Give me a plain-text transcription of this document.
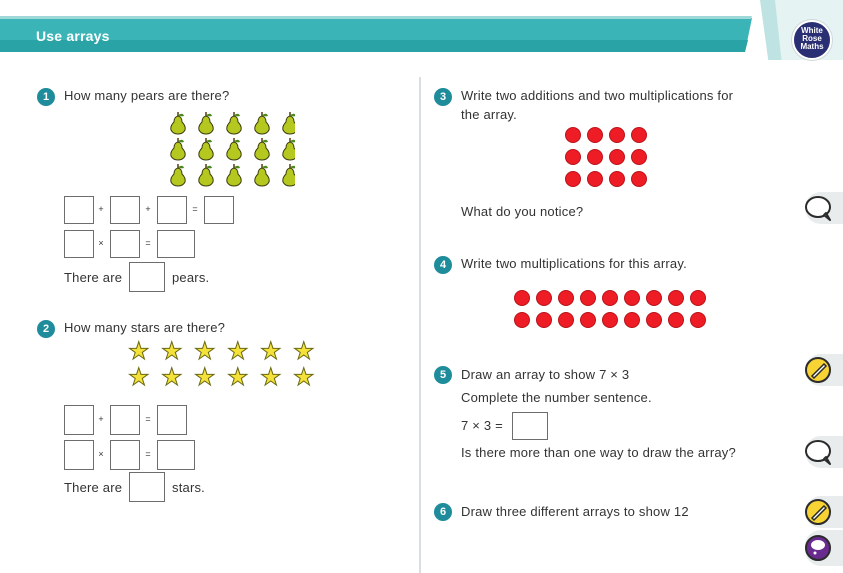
Use arrays	White
Rose
Maths
1	How many pears are there?
+	+	=
×	=
There are	pears.
2	How many stars are there?
★ ★ ★ ★ ★ ★
★ ★ ★ ★ ★ ★
+	=
×	=
There are	stars.
3	Write two additions and two multiplications for
the array.
What do you notice?
4	Write two multiplications for this array.
5	Draw an array to show 7 × 3
Complete the number sentence.
7 × 3 =
Is there more than one way to draw the array?
6	Draw three different arrays to show 12
